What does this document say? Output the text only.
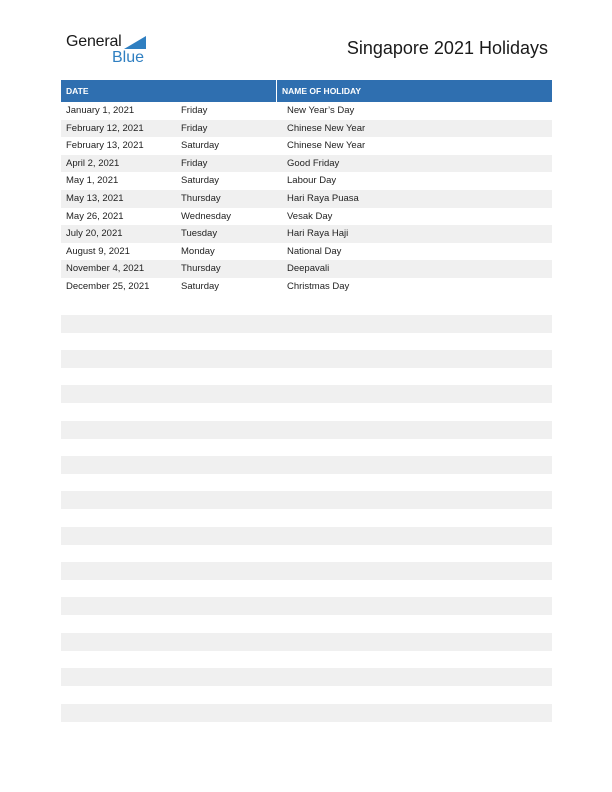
General
Blue	Singapore 2021 Holidays
DATE	NAME OF HOLIDAY
January 1, 2021	Friday	New Year’s Day
February 12, 2021	Friday	Chinese New Year
February 13, 2021	Saturday	Chinese New Year
April 2, 2021	Friday	Good Friday
May 1, 2021	Saturday	Labour Day
May 13, 2021	Thursday	Hari Raya Puasa
May 26, 2021	Wednesday	Vesak Day
July 20, 2021	Tuesday	Hari Raya Haji
August 9, 2021	Monday	National Day
November 4, 2021	Thursday	Deepavali
December 25, 2021	Saturday	Christmas Day
